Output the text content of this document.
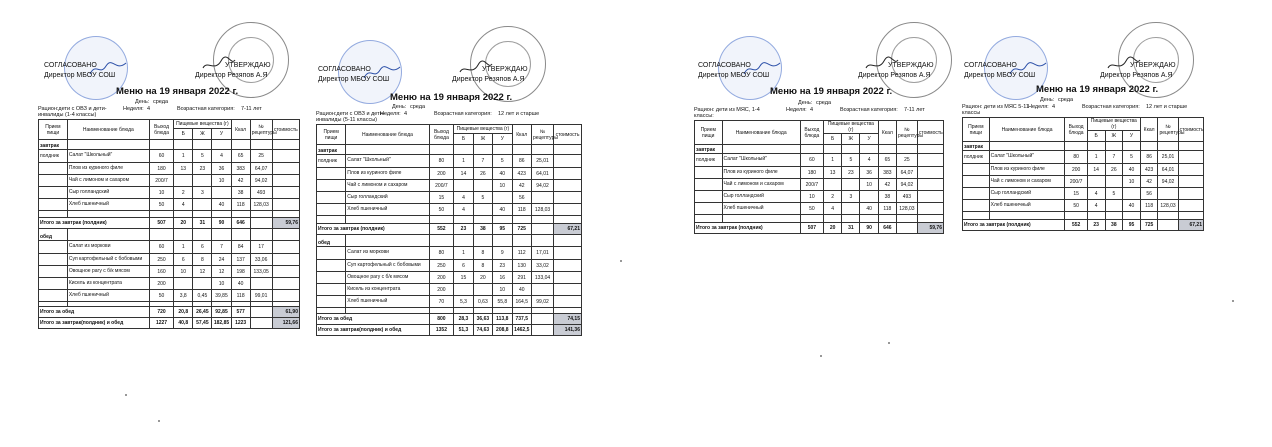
СОГЛАСОВАНО
Директор МБОУ СОШ
УТВЕРЖДАЮ
Директор Резяпов А.Я
Меню на 19 января 2022 г.
День: среда
Неделя: 4	Возрастная категория: 7-11 лет
Рацион:дети с ОВЗ и дети-инвалиды (1-4 классы)
Прием пищи	Наименование блюда	Выход блюда	Пищевые вещества (г)			Ккал	№ рецептуры	стоимость
			Б	Ж	У			
завтрак								
полдник	Салат "Школьный"	60	1	5	4	65	25	
	Плов из куриного филе	180	13	23	36	383	64,07	
	Чай с лимоном и сахаром	200/7			10	42	94,02	
	Сыр голландский	10	2	3		38	493	
	Хлеб пшеничный	50	4		40	118	128,03	

Итого за завтрак (полдник)		507	20	31	90	646		59,76
обед								
	Салат из моркови	60	1	6	7	84	17	
	Суп картофельный с бобовыми	250	6	8	24	137	33,06	
	Овощное рагу с б/к мясом	160	10	12	12	198	133,05	
	Кисель из концентрата	200			10	40		
	Хлеб пшеничный	50	3,8	0,45	39,85	118	99,01	

Итого за обед		720	20,8	26,45	92,85	577		61,90
Итого за завтрак(полдник) и обед		1227	40,8	57,45	182,85	1223		121,66
СОГЛАСОВАНО
Директор МБОУ СОШ
УТВЕРЖДАЮ
Директор Резяпов А.Я
Меню на 19 января 2022 г.
День: среда
Неделя: 4	Возрастная категория: 12 лет и старше
Рацион:дети с ОВЗ и дети-инвалиды (5-11 классы)
Прием пищи	Наименование блюда	Выход блюда	Пищевые вещества (г)			Ккал	№ рецептуры	стоимость
			Б	Ж	У			
завтрак								
полдник	Салат "Школьный"	80	1	7	5	86	25,01	
	Плов из куриного филе	200	14	26	40	423	64,01	
	Чай с лимоном и сахаром	200/7			10	42	94,02	
	Сыр голландский	15	4	5		56		
	Хлеб пшеничный	50	4		40	118	128,03	

Итого за завтрак (полдник)		552	23	38	95	725		67,21
обед								
	Салат из моркови	80	1	8	9	112	17,01	
	Суп картофельный с бобовыми	250	6	8	23	130	33,02	
	Овощное рагу с б/к мясом	200	15	20	16	291	133,04	
	Кисель из концентрата	200			10	40		
	Хлеб пшеничный	70	5,3	0,63	55,8	164,5	99,02	

Итого за обед		800	28,3	36,63	113,8	737,5		74,15
Итого за завтрак(полдник) и обед		1352	51,3	74,63	208,8	1462,5		141,36
СОГЛАСОВАНО
Директор МБОУ СОШ
УТВЕРЖДАЮ
Директор Резяпов А.Я
Меню на 19 января 2022 г.
День: среда
Неделя: 4	Возрастная категория: 7-11 лет
Рацион: дети из МЯС, 1-4 классы:
Прием пищи	Наименование блюда	Выход блюда	Пищевые вещества (г)			Ккал	№ рецептуры	стоимость
			Б	Ж	У			
завтрак								
полдник	Салат "Школьный"	60	1	5	4	65	25	
	Плов из куриного филе	180	13	23	36	383	64,07	
	Чай с лимоном и сахаром	200/7			10	42	94,02	
	Сыр голландский	10	2	3		38	493	
	Хлеб пшеничный	50	4		40	118	128,03	

Итого за завтрак (полдник)		507	20	31	90	646		59,76
СОГЛАСОВАНО
Директор МБОУ СОШ
УТВЕРЖДАЮ
Директор Резяпов А.Я
Меню на 19 января 2022 г.
День: среда
Неделя: 4	Возрастная категория: 12 лет и старше
Рацион: дети из МЯС 5-11 классы
Прием пищи	Наименование блюда	Выход блюда	Пищевые вещества (г)			Ккал	№ рецептуры	стоимость
			Б	Ж	У			
завтрак								
полдник	Салат "Школьный"	80	1	7	5	86	25,01	
	Плов из куриного филе	200	14	26	40	423	64,01	
	Чай с лимоном и сахаром	200/7			10	42	94,02	
	Сыр голландский	15	4	5		56		
	Хлеб пшеничный	50	4		40	118	128,03	

Итого за завтрак (полдник)		552	23	38	95	725		67,21
